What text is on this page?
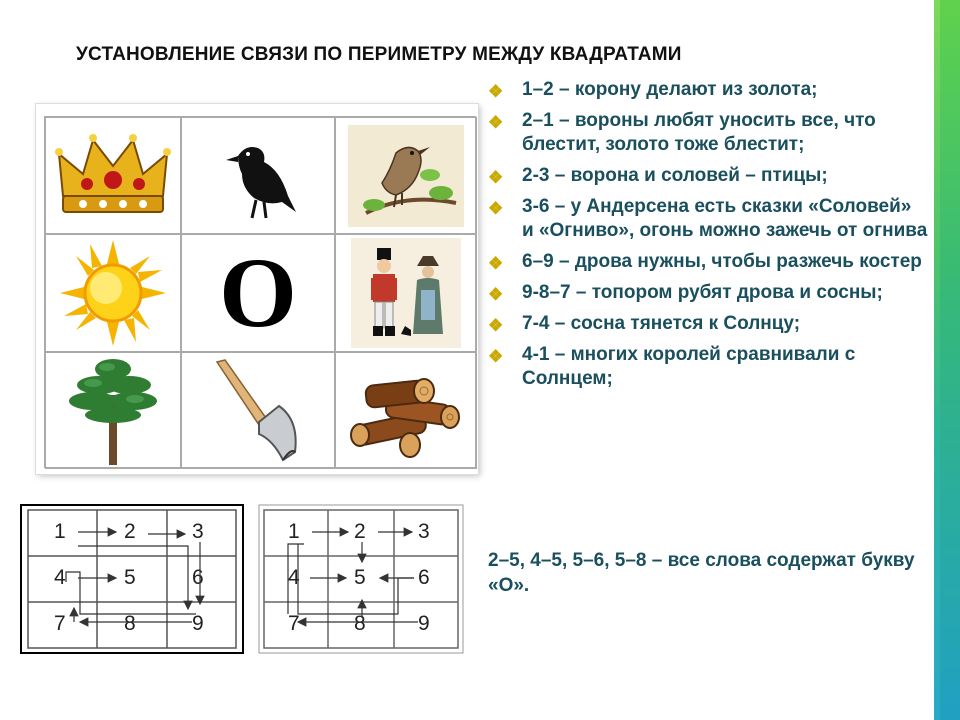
УСТАНОВЛЕНИЕ СВЯЗИ ПО ПЕРИМЕТРУ МЕЖДУ КВАДРАТАМИ
О
❖ 1–2 – корону делают из золота;
❖ 2–1 – вороны любят уносить все, что блестит, золото тоже блестит;
❖ 2-3 – ворона и соловей – птицы;
❖ 3-6 – у Андерсена есть сказки «Соловей» и «Огниво», огонь можно зажечь от огнива
❖ 6–9 – дрова нужны, чтобы разжечь костер
❖ 9-8–7 – топором рубят дрова и сосны;
❖ 7-4 – сосна тянется к Солнцу;
❖ 4-1 – многих королей сравнивали с Солнцем;
2–5, 4–5, 5–6, 5–8 – все слова содержат букву «О».
1	2	3
4	5	6
7	8	9
1	2 3
4	5 6
7	8 9
